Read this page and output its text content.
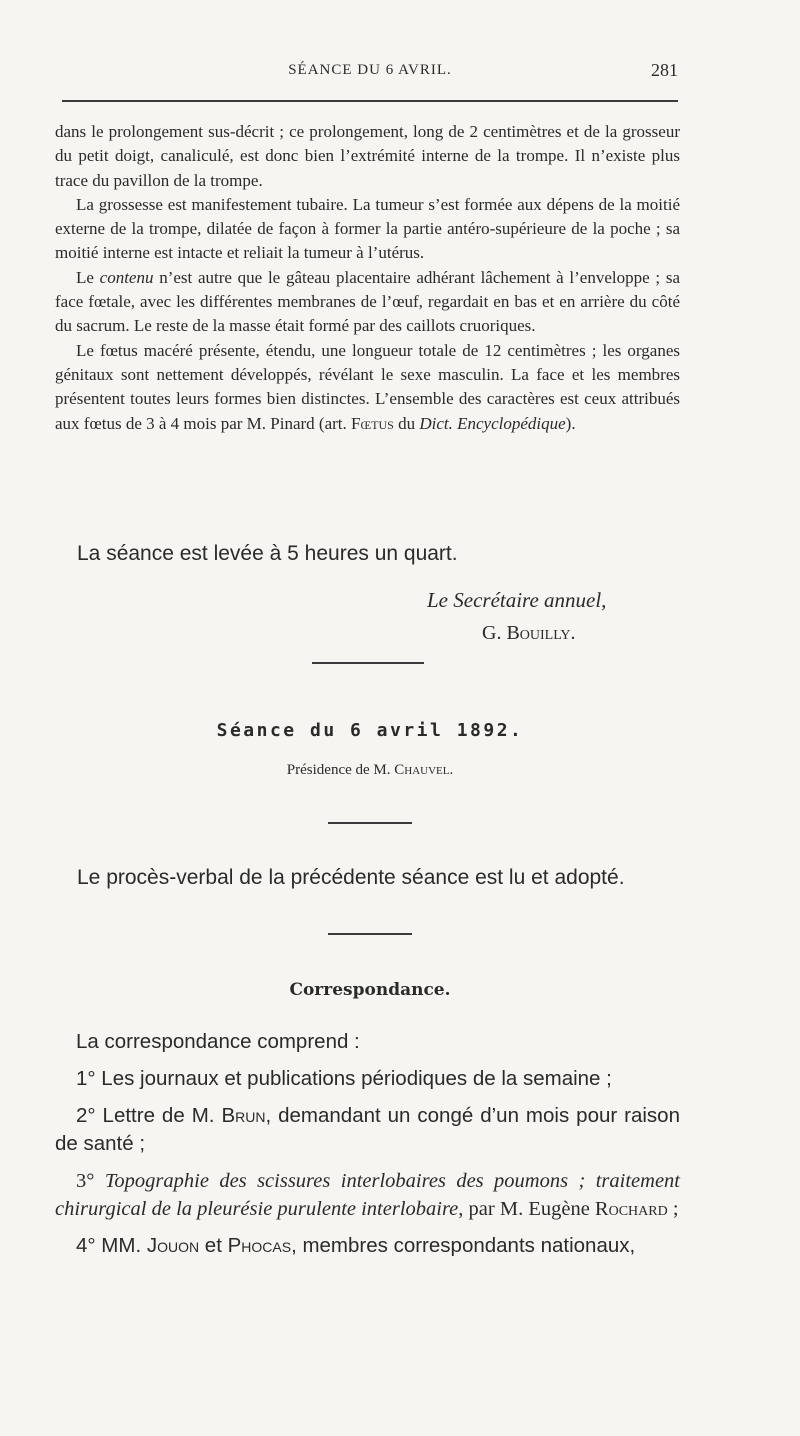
SÉANCE DU 6 AVRIL.	281

dans le prolongement sus-décrit ; ce prolongement, long de 2 centimètres et de la grosseur du petit doigt, canaliculé, est donc bien l’extrémité interne de la trompe. Il n’existe plus trace du pavillon de la trompe.

La grossesse est manifestement tubaire. La tumeur s’est formée aux dépens de la moitié externe de la trompe, dilatée de façon à former la partie antéro-supérieure de la poche ; sa moitié interne est intacte et reliait la tumeur à l’utérus.

Le contenu n’est autre que le gâteau placentaire adhérant lâchement à l’enveloppe ; sa face fœtale, avec les différentes membranes de l’œuf, regardait en bas et en arrière du côté du sacrum. Le reste de la masse était formé par des caillots cruoriques.

Le fœtus macéré présente, étendu, une longueur totale de 12 centimètres ; les organes génitaux sont nettement développés, révélant le sexe masculin. La face et les membres présentent toutes leurs formes bien distinctes. L’ensemble des caractères est ceux attribués aux fœtus de 3 à 4 mois par M. Pinard (art. Fœtus du Dict. Encyclopédique).

La séance est levée à 5 heures un quart.
Le Secrétaire annuel,
G. Bouilly.
Séance du 6 avril 1892.
Présidence de M. Chauvel.
Le procès-verbal de la précédente séance est lu et adopté.
Correspondance.

La correspondance comprend :

1° Les journaux et publications périodiques de la semaine ;

2° Lettre de M. Brun, demandant un congé d’un mois pour raison de santé ;

3° Topographie des scissures interlobaires des poumons ; traitement chirurgical de la pleurésie purulente interlobaire, par M. Eugène Rochard ;

4° MM. Jouon et Phocas, membres correspondants nationaux,
